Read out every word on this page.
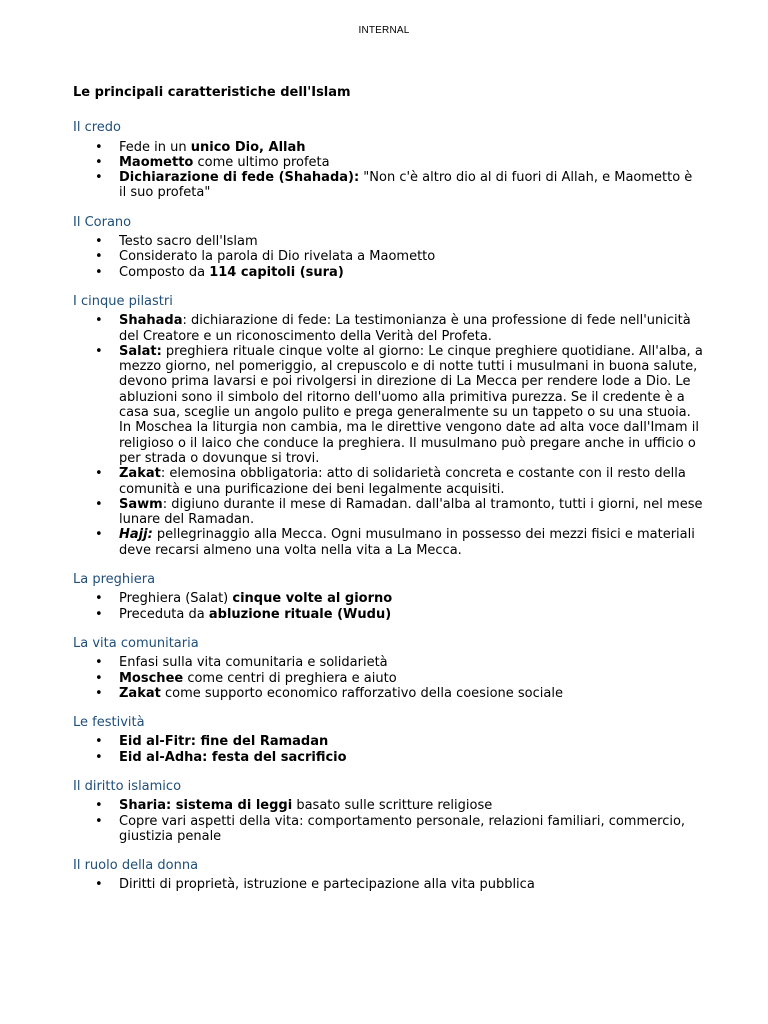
INTERNAL
Le principali caratteristiche dell'Islam
Il credo
• Fede in un unico Dio, Allah
• Maometto come ultimo profeta
• Dichiarazione di fede (Shahada): "Non c'è altro dio al di fuori di Allah, e Maometto è il suo profeta"
Il Corano
• Testo sacro dell'Islam
• Considerato la parola di Dio rivelata a Maometto
• Composto da 114 capitoli (sura)
I cinque pilastri
• Shahada: dichiarazione di fede: La testimonianza è una professione di fede nell'unicità del Creatore e un riconoscimento della Verità del Profeta.
• Salat: preghiera rituale cinque volte al giorno: Le cinque preghiere quotidiane. All'alba, a mezzo giorno, nel pomeriggio, al crepuscolo e di notte tutti i musulmani in buona salute, devono prima lavarsi e poi rivolgersi in direzione di La Mecca per rendere lode a Dio. Le abluzioni sono il simbolo del ritorno dell'uomo alla primitiva purezza. Se il credente è a casa sua, sceglie un angolo pulito e prega generalmente su un tappeto o su una stuoia. In Moschea la liturgia non cambia, ma le direttive vengono date ad alta voce dall'Imam il religioso o il laico che conduce la preghiera. Il musulmano può pregare anche in ufficio o per strada o dovunque si trovi.
• Zakat: elemosina obbligatoria: atto di solidarietà concreta e costante con il resto della comunità e una purificazione dei beni legalmente acquisiti.
• Sawm: digiuno durante il mese di Ramadan. dall'alba al tramonto, tutti i giorni, nel mese lunare del Ramadan.
• Hajj: pellegrinaggio alla Mecca. Ogni musulmano in possesso dei mezzi fisici e materiali deve recarsi almeno una volta nella vita a La Mecca.
La preghiera
• Preghiera (Salat) cinque volte al giorno
• Preceduta da abluzione rituale (Wudu)
La vita comunitaria
• Enfasi sulla vita comunitaria e solidarietà
• Moschee come centri di preghiera e aiuto
• Zakat come supporto economico rafforzativo della coesione sociale
Le festività
• Eid al-Fitr: fine del Ramadan
• Eid al-Adha: festa del sacrificio
Il diritto islamico
• Sharia: sistema di leggi basato sulle scritture religiose
• Copre vari aspetti della vita: comportamento personale, relazioni familiari, commercio, giustizia penale
Il ruolo della donna
• Diritti di proprietà, istruzione e partecipazione alla vita pubblica
